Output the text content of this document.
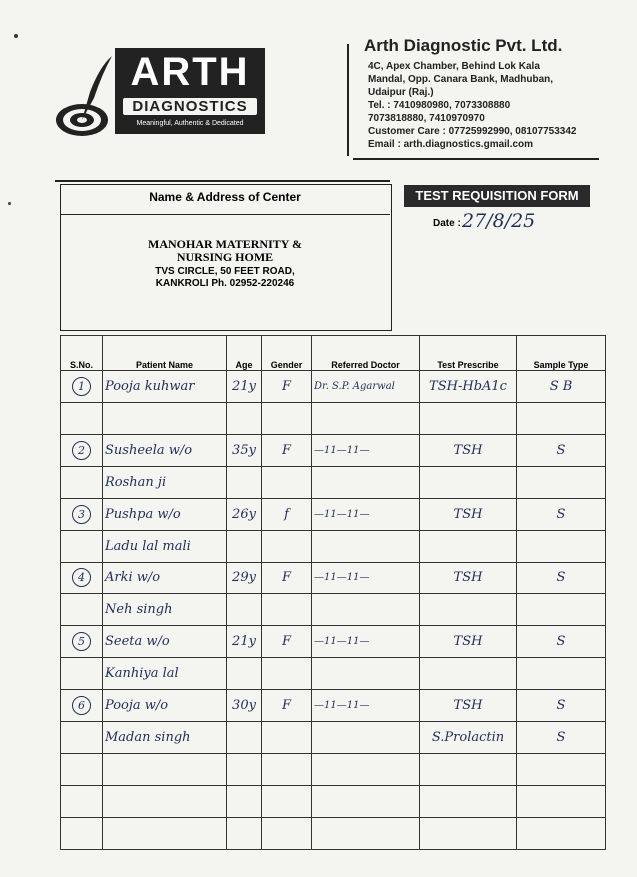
ARTH
DIAGNOSTICS
Meaningful, Authentic & Dedicated
Arth Diagnostic Pvt. Ltd.
4C, Apex Chamber, Behind Lok Kala
Mandal, Opp. Canara Bank, Madhuban,
Udaipur (Raj.)
Tel. : 7410980980, 7073308880
7073818880, 7410970970
Customer Care : 07725992990, 08107753342
Email : arth.diagnostics.gmail.com
Name & Address of Center
MANOHAR MATERNITY &
NURSING HOME
TVS CIRCLE, 50 FEET ROAD,
KANKROLI Ph. 02952-220246
TEST REQUISITION FORM
Date : 27/8/25
S.No.	Patient Name	Age	Gender	Referred Doctor	Test Prescribe	Sample Type
1	Pooja kuhwar	21y	F	Dr. S.P. Agarwal	TSH-HbA1c	S B

2	Susheela w/o	35y	F	—11—11—	TSH	S
	Roshan ji					
3	Pushpa w/o	26y	f	—11—11—	TSH	S
	Ladu lal mali					
4	Arki w/o	29y	F	—11—11—	TSH	S
	Neh singh					
5	Seeta w/o	21y	F	—11—11—	TSH	S
	Kanhiya lal					
6	Pooja w/o	30y	F	—11—11—	TSH	S
	Madan singh				S.Prolactin	S
